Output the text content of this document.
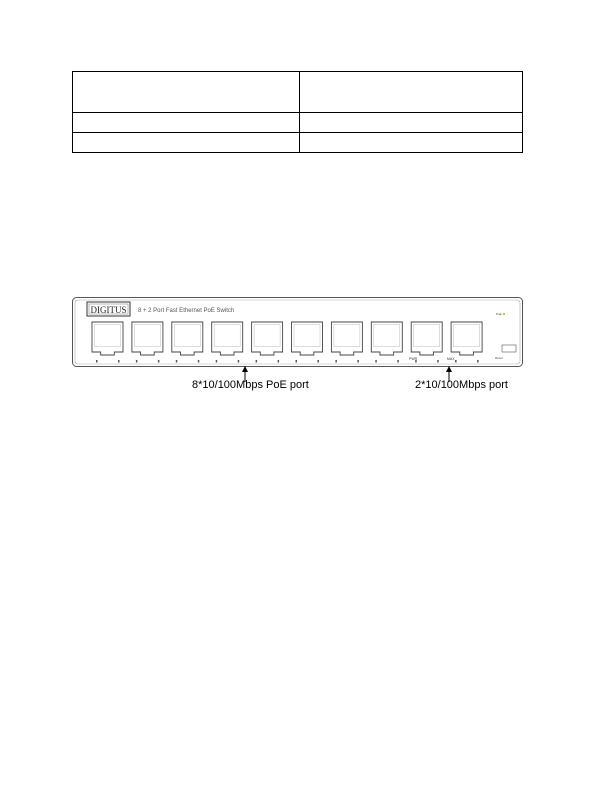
DIGITUS 8 + 2 Port Fast Ethernet PoE Switch
PWR	MAX
PoE
Reset
8*10/100Mbps PoE port	2*10/100Mbps port
